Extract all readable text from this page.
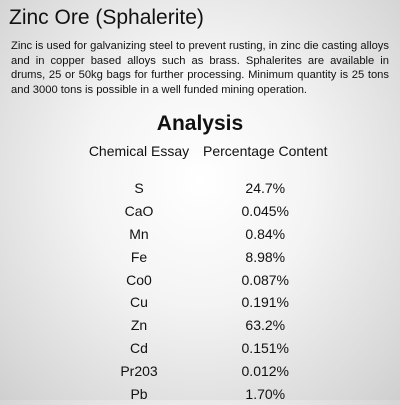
Zinc Ore (Sphalerite)

Zinc is used for galvanizing steel to prevent rusting, in zinc die casting alloys and in copper based alloys such as brass. Sphalerites are available in drums, 25 or 50kg bags for further processing. Minimum quantity is 25 tons and 3000 tons is possible in a well funded mining operation.

Analysis
Chemical Essay	Percentage Content

S	24.7%
CaO	0.045%
Mn	0.84%
Fe	8.98%
Co0	0.087%
Cu	0.191%
Zn	63.2%
Cd	0.151%
Pr203	0.012%
Pb	1.70%
